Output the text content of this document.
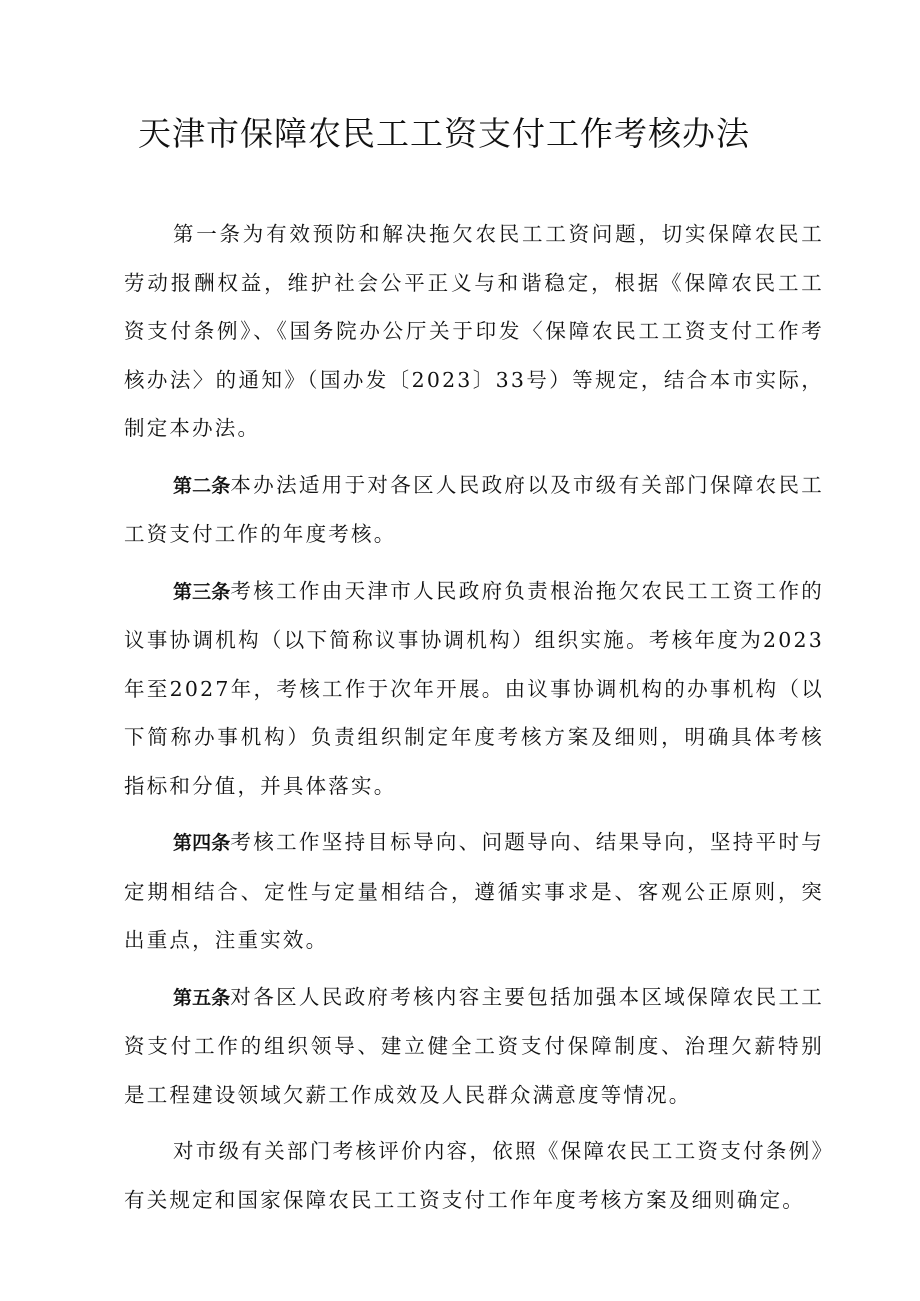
天津市保障农民工工资支付工作考核办法

第一条为有效预防和解决拖欠农民工工资问题，切实保障农民工劳动报酬权益，维护社会公平正义与和谐稳定，根据《保障农民工工资支付条例》、《国务院办公厅关于印发〈保障农民工工资支付工作考核办法〉的通知》（国办发〔2023〕33号）等规定，结合本市实际，制定本办法。

第二条本办法适用于对各区人民政府以及市级有关部门保障农民工工资支付工作的年度考核。

第三条考核工作由天津市人民政府负责根治拖欠农民工工资工作的议事协调机构（以下简称议事协调机构）组织实施。考核年度为2023年至2027年，考核工作于次年开展。由议事协调机构的办事机构（以下简称办事机构）负责组织制定年度考核方案及细则，明确具体考核指标和分值，并具体落实。

第四条考核工作坚持目标导向、问题导向、结果导向，坚持平时与定期相结合、定性与定量相结合，遵循实事求是、客观公正原则，突出重点，注重实效。

第五条对各区人民政府考核内容主要包括加强本区域保障农民工工资支付工作的组织领导、建立健全工资支付保障制度、治理欠薪特别是工程建设领域欠薪工作成效及人民群众满意度等情况。

对市级有关部门考核评价内容，依照《保障农民工工资支付条例》有关规定和国家保障农民工工资支付工作年度考核方案及细则确定。
